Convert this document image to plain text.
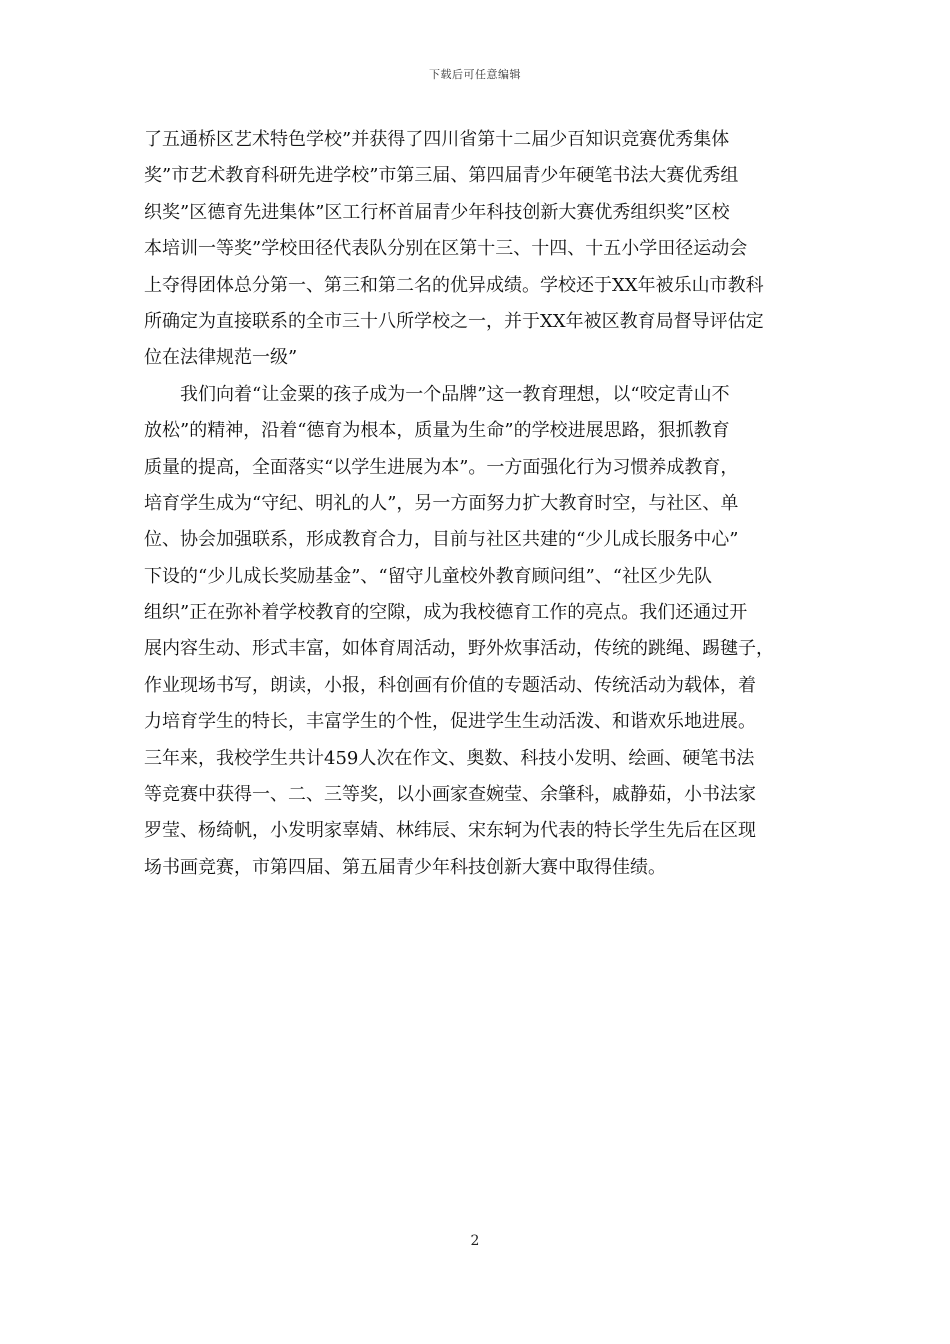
下载后可任意编辑
了五通桥区艺术特色学校”并获得了四川省第十二届少百知识竞赛优秀集体
奖”市艺术教育科研先进学校”市第三届、第四届青少年硬笔书法大赛优秀组
织奖”区德育先进集体”区工行杯首届青少年科技创新大赛优秀组织奖”区校
本培训一等奖”学校田径代表队分别在区第十三、十四、十五小学田径运动会
上夺得团体总分第一、第三和第二名的优异成绩。学校还于XX年被乐山市教科
所确定为直接联系的全市三十八所学校之一，并于XX年被区教育局督导评估定
位在法律规范一级”
我们向着“让金粟的孩子成为一个品牌”这一教育理想，以“咬定青山不
放松”的精神，沿着“德育为根本，质量为生命”的学校进展思路，狠抓教育
质量的提高，全面落实“以学生进展为本”。一方面强化行为习惯养成教育，
培育学生成为“守纪、明礼的人”，另一方面努力扩大教育时空，与社区、单
位、协会加强联系，形成教育合力，目前与社区共建的“少儿成长服务中心”
下设的“少儿成长奖励基金”、“留守儿童校外教育顾问组”、“社区少先队
组织”正在弥补着学校教育的空隙，成为我校德育工作的亮点。我们还通过开
展内容生动、形式丰富，如体育周活动，野外炊事活动，传统的跳绳、踢毽子，
作业现场书写，朗读，小报，科创画有价值的专题活动、传统活动为载体，着
力培育学生的特长，丰富学生的个性，促进学生生动活泼、和谐欢乐地进展。
三年来，我校学生共计459人次在作文、奥数、科技小发明、绘画、硬笔书法
等竞赛中获得一、二、三等奖，以小画家查婉莹、余肇科，戚静茹，小书法家
罗莹、杨绮帆，小发明家辜婧、林纬辰、宋东轲为代表的特长学生先后在区现
场书画竞赛，市第四届、第五届青少年科技创新大赛中取得佳绩。
2
